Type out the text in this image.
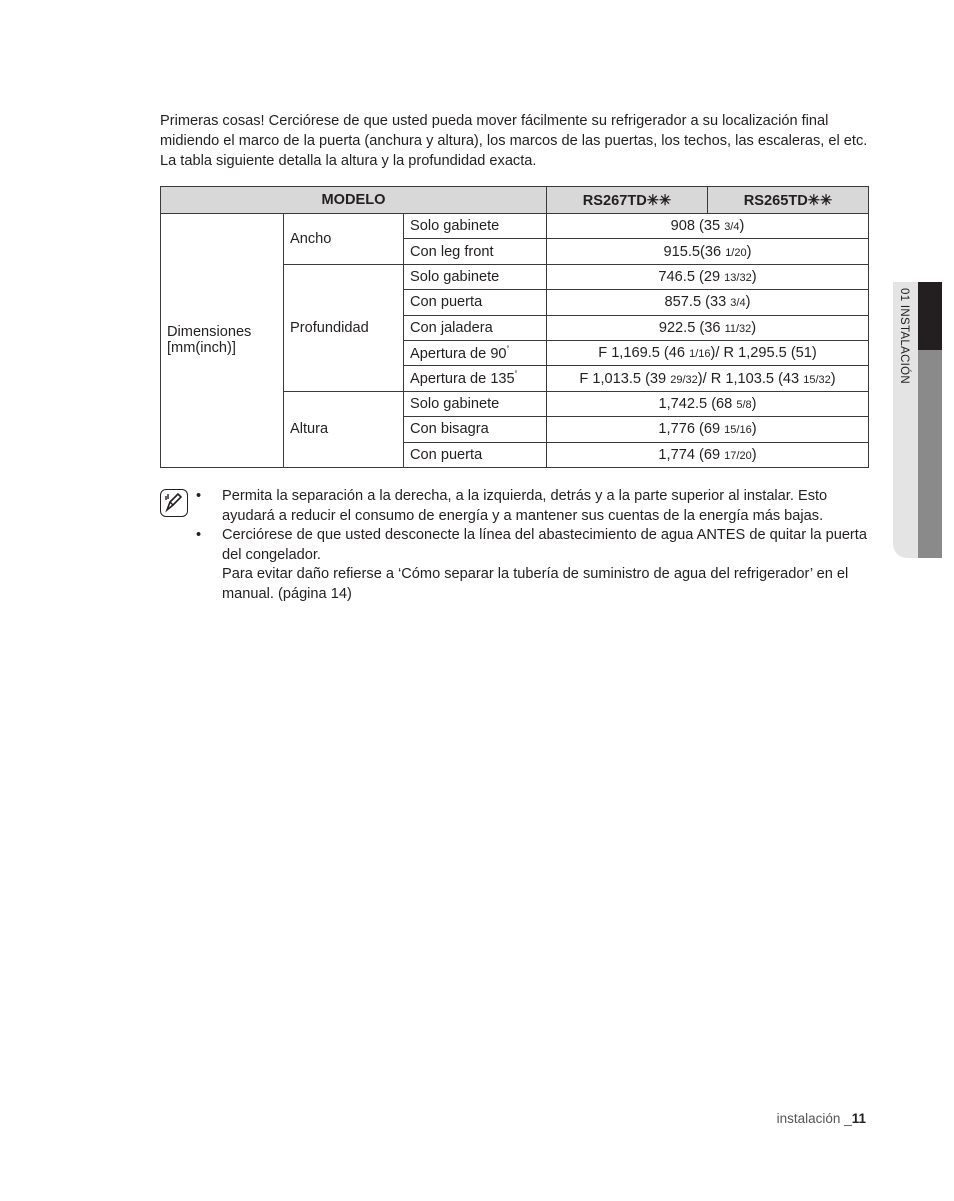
Primeras cosas! Cerciórese de que usted pueda mover fácilmente su refrigerador a su localización final midiendo el marco de la puerta (anchura y altura), los marcos de las puertas, los techos, las escaleras, el etc. La tabla siguiente detalla la altura y la profundidad exacta.

MODELO			RS267TD✳✳	RS265TD✳✳
Dimensiones
[mm(inch)]	Ancho	Solo gabinete	908 (35 3/4)	
		Con leg front	915.5(36 1/20)	
	Profundidad	Solo gabinete	746.5 (29 13/32)	
		Con puerta	857.5 (33 3/4)	
		Con jaladera	922.5 (36 11/32)	
		Apertura de 90˚	F 1,169.5 (46 1/16)/ R 1,295.5 (51)	
		Apertura de 135˚	F 1,013.5 (39 29/32)/ R 1,103.5 (43 15/32)	
	Altura	Solo gabinete	1,742.5 (68 5/8)	
		Con bisagra	1,776 (69 15/16)	
		Con puerta	1,774 (69 17/20)	
• Permita la separación a la derecha, a la izquierda, detrás y a la parte superior al instalar. Esto ayudará a reducir el consumo de energía y a mantener sus cuentas de la energía más bajas.
• Cerciórese de que usted desconecte la línea del abastecimiento de agua ANTES de quitar la puerta del congelador.
Para evitar daño refierse a ‘Cómo separar la tubería de suministro de agua del refrigerador’ en el manual. (página 14)
01 INSTALACIÓN
instalación _11
